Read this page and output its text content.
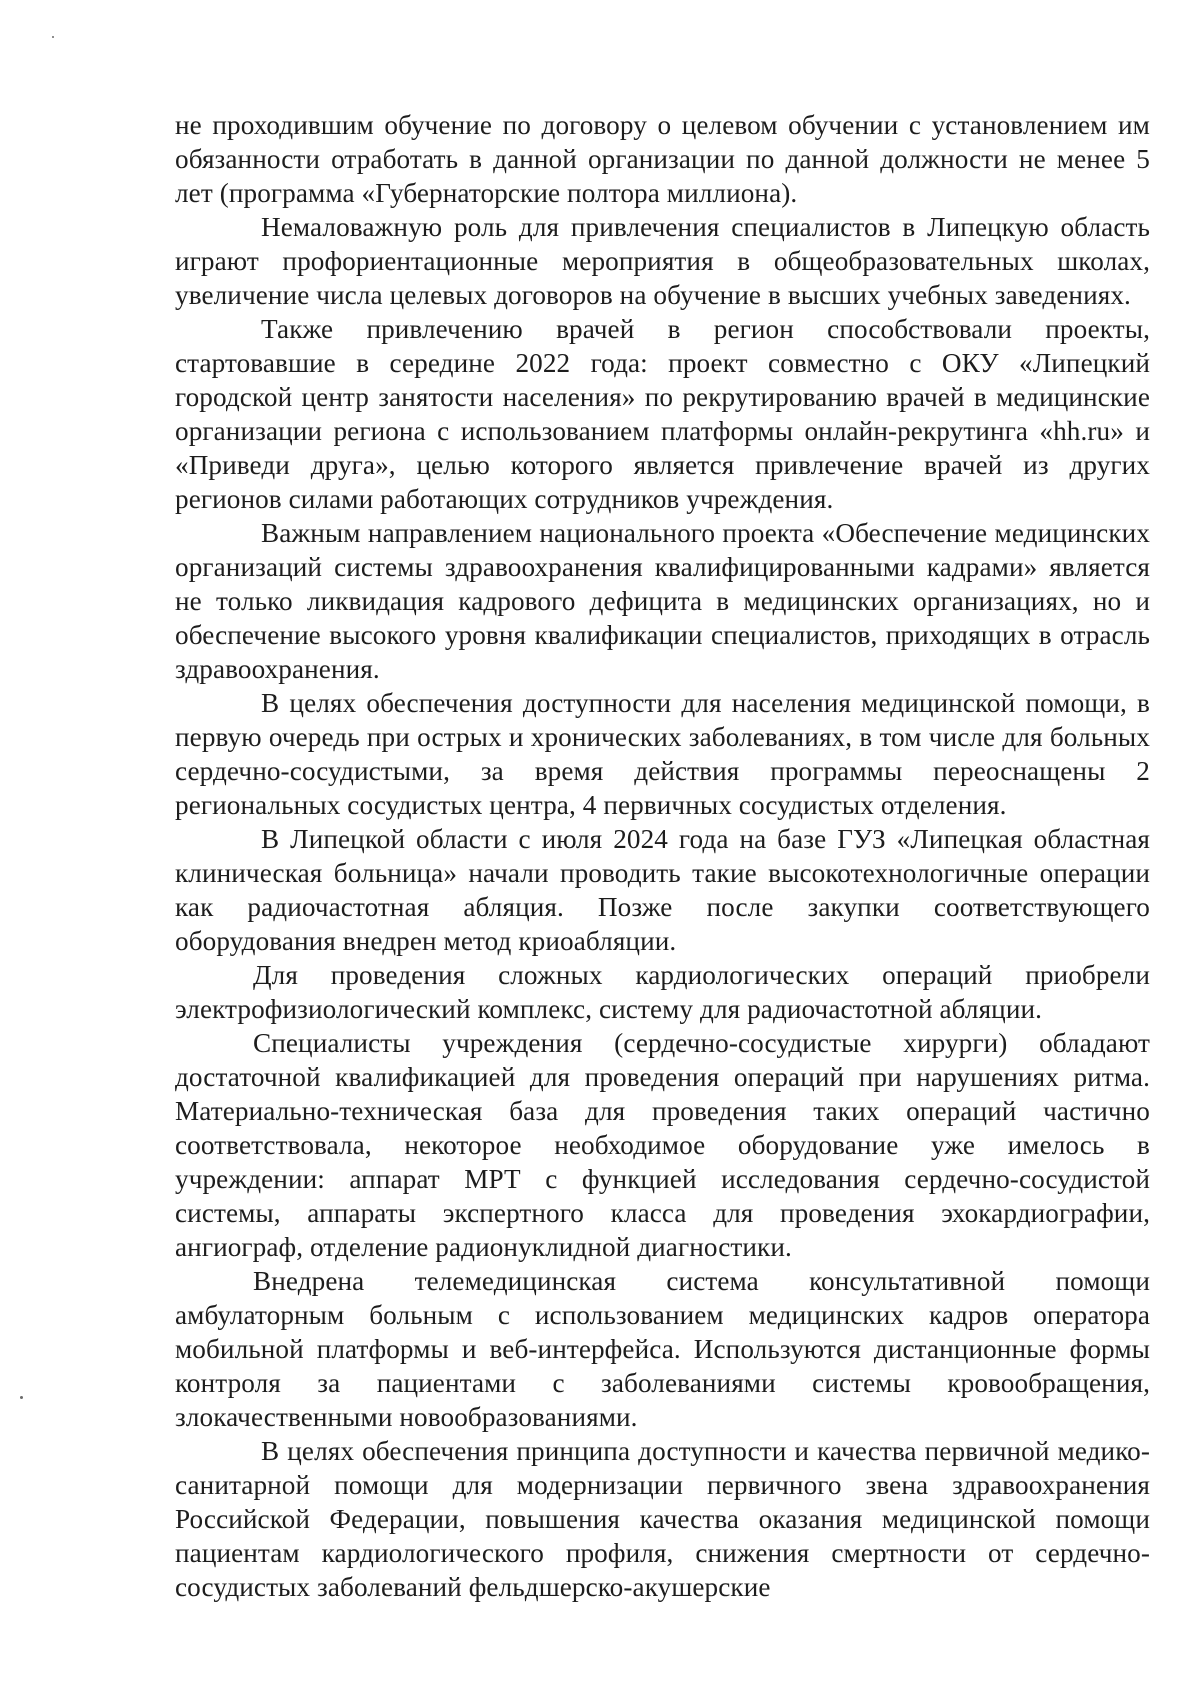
не проходившим обучение по договору о целевом обучении с установлением им обязанности отработать в данной организации по данной должности не менее 5 лет (программа «Губернаторские полтора миллиона).

Немаловажную роль для привлечения специалистов в Липецкую область играют профориентационные мероприятия в общеобразовательных школах, увеличение числа целевых договоров на обучение в высших учебных заведениях.

Также привлечению врачей в регион способствовали проекты, стартовавшие в середине 2022 года: проект совместно с ОКУ «Липецкий городской центр занятости населения» по рекрутированию врачей в медицинские организации региона с использованием платформы онлайн-рекрутинга «hh.ru» и «Приведи друга», целью которого является привлечение врачей из других регионов силами работающих сотрудников учреждения.

Важным направлением национального проекта «Обеспечение медицинских организаций системы здравоохранения квалифицированными кадрами» является не только ликвидация кадрового дефицита в медицинских организациях, но и обеспечение высокого уровня квалификации специалистов, приходящих в отрасль здравоохранения.

В целях обеспечения доступности для населения медицинской помощи, в первую очередь при острых и хронических заболеваниях, в том числе для больных сердечно-сосудистыми, за время действия программы переоснащены 2 региональных сосудистых центра, 4 первичных сосудистых отделения.

В Липецкой области с июля 2024 года на базе ГУЗ «Липецкая областная клиническая больница» начали проводить такие высокотехнологичные операции как радиочастотная абляция. Позже после закупки соответствующего оборудования внедрен метод криоабляции.

Для проведения сложных кардиологических операций приобрели электрофизиологический комплекс, систему для радиочастотной абляции.

Специалисты учреждения (сердечно-сосудистые хирурги) обладают достаточной квалификацией для проведения операций при нарушениях ритма. Материально-техническая база для проведения таких операций частично соответствовала, некоторое необходимое оборудование уже имелось в учреждении: аппарат МРТ с функцией исследования сердечно-сосудистой системы, аппараты экспертного класса для проведения эхокардиографии, ангиограф, отделение радионуклидной диагностики.

Внедрена телемедицинская система консультативной помощи амбулаторным больным с использованием медицинских кадров оператора мобильной платформы и веб-интерфейса. Используются дистанционные формы контроля за пациентами с заболеваниями системы кровообращения, злокачественными новообразованиями.

В целях обеспечения принципа доступности и качества первичной медико-санитарной помощи для модернизации первичного звена здравоохранения Российской Федерации, повышения качества оказания медицинской помощи пациентам кардиологического профиля, снижения смертности от сердечно-сосудистых заболеваний фельдшерско-акушерские
